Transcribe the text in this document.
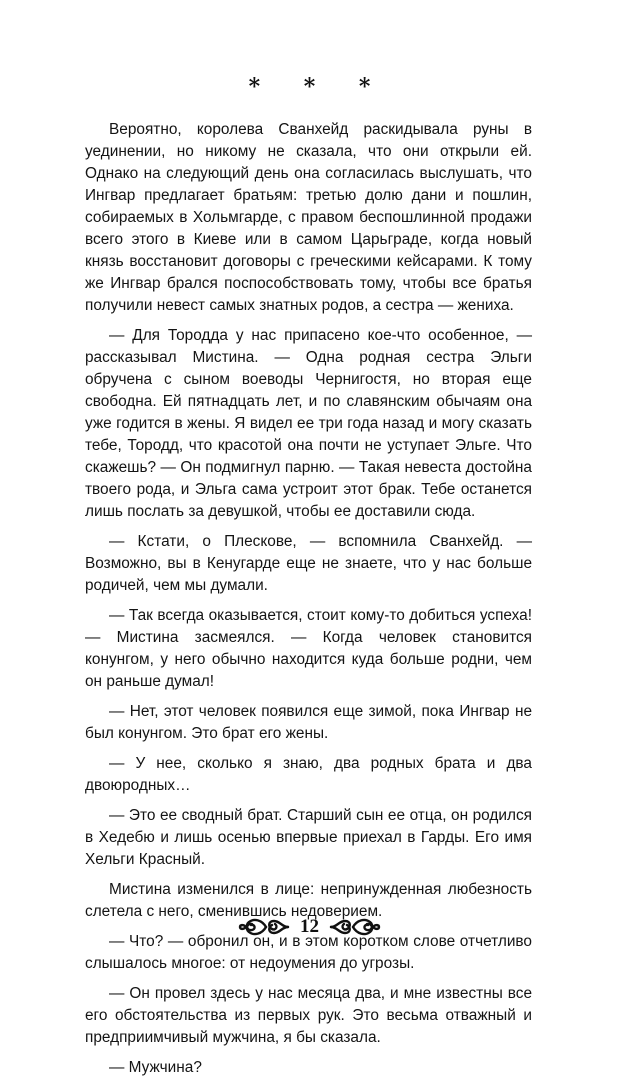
* * *

Вероятно, королева Сванхейд раскидывала руны в уединении, но никому не сказала, что они открыли ей. Однако на следующий день она согласилась выслушать, что Ингвар предлагает братьям: третью долю дани и пошлин, собираемых в Хольмгарде, с правом беспошлинной продажи всего этого в Киеве или в самом Царьграде, когда новый князь восстановит договоры с греческими кейсарами. К тому же Ингвар брался поспособствовать тому, чтобы все братья получили невест самых знатных родов, а сестра — жениха.

— Для Тородда у нас припасено кое-что особенное, — рассказывал Мистина. — Одна родная сестра Эльги обручена с сыном воеводы Чернигостя, но вторая еще свободна. Ей пятнадцать лет, и по славянским обычаям она уже годится в жены. Я видел ее три года назад и могу сказать тебе, Тородд, что красотой она почти не уступает Эльге. Что скажешь? — Он подмигнул парню. — Такая невеста достойна твоего рода, и Эльга сама устроит этот брак. Тебе останется лишь послать за девушкой, чтобы ее доставили сюда.

— Кстати, о Плескове, — вспомнила Сванхейд. — Возможно, вы в Кенугарде еще не знаете, что у нас больше родичей, чем мы думали.

— Так всегда оказывается, стоит кому-то добиться успеха! — Мистина засмеялся. — Когда человек становится конунгом, у него обычно находится куда больше родни, чем он раньше думал!

— Нет, этот человек появился еще зимой, пока Ингвар не был конунгом. Это брат его жены.

— У нее, сколько я знаю, два родных брата и два двоюродных…

— Это ее сводный брат. Старший сын ее отца, он родился в Хедебю и лишь осенью впервые приехал в Гарды. Его имя Хельги Красный.

Мистина изменился в лице: непринужденная любезность слетела с него, сменившись недоверием.

— Что? — обронил он, и в этом коротком слове отчетливо слышалось многое: от недоумения до угрозы.

— Он провел здесь у нас месяца два, и мне известны все его обстоятельства из первых рук. Это весьма отважный и предприимчивый мужчина, я бы сказала.

— Мужчина?

12
